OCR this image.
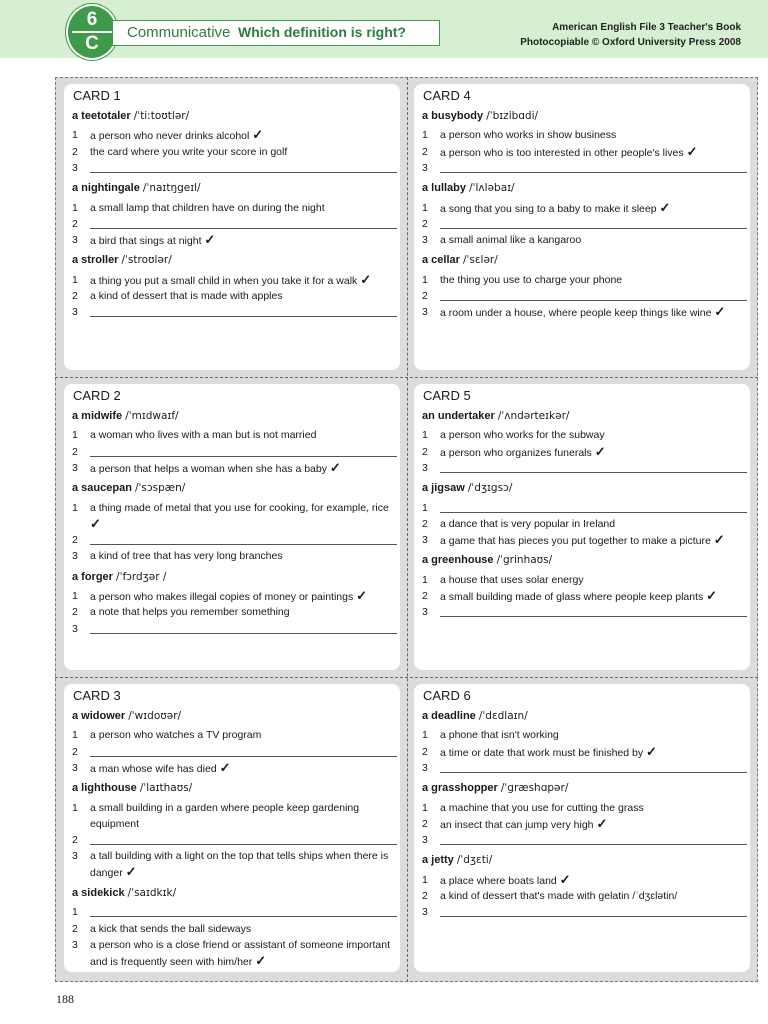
6
C
Communicative Which definition is right?	American English File 3 Teacher's Book
Photocopiable © Oxford University Press 2008
CARD 1
a teetotaler /ˈtiːtoʊtlər/
1	a person who never drinks alcohol ✓
2	the card where you write your score in golf
3
a nightingale /ˈnaɪtŋgeɪl/
1	a small lamp that children have on during the night
2
3	a bird that sings at night ✓
a stroller /ˈstroʊlər/
1	a thing you put a small child in when you take it for a walk ✓
2	a kind of dessert that is made with apples
3
CARD 4
a busybody /ˈbɪzibɑdi/
1	a person who works in show business
2	a person who is too interested in other people's lives ✓
3
a lullaby /ˈlʌləbaɪ/
1	a song that you sing to a baby to make it sleep ✓
2
3	a small animal like a kangaroo
a cellar /ˈsɛlər/
1	the thing you use to charge your phone
2
3	a room under a house, where people keep things like wine ✓
CARD 2
a midwife /ˈmɪdwaɪf/
1	a woman who lives with a man but is not married
2
3	a person that helps a woman when she has a baby ✓
a saucepan /ˈsɔspæn/
1	a thing made of metal that you use for cooking, for example, rice ✓
2
3	a kind of tree that has very long branches
a forger /ˈfɔrdʒər /
1	a person who makes illegal copies of money or paintings ✓
2	a note that helps you remember something
3
CARD 5
an undertaker /ˈʌndərteɪkər/
1	a person who works for the subway
2	a person who organizes funerals ✓
3
a jigsaw /ˈdʒɪgsɔ/
1
2	a dance that is very popular in Ireland
3	a game that has pieces you put together to make a picture ✓
a greenhouse /ˈgrinhaʊs/
1	a house that uses solar energy
2	a small building made of glass where people keep plants ✓
3
CARD 3
a widower /ˈwɪdoʊər/
1	a person who watches a TV program
2
3	a man whose wife has died ✓
a lighthouse /ˈlaɪthaʊs/
1	a small building in a garden where people keep gardening equipment
2
3	a tall building with a light on the top that tells ships when there is danger ✓
a sidekick /ˈsaɪdkɪk/
1
2	a kick that sends the ball sideways
3	a person who is a close friend or assistant of someone important and is frequently seen with him/her ✓
CARD 6
a deadline /ˈdɛdlaɪn/
1	a phone that isn't working
2	a time or date that work must be finished by ✓
3
a grasshopper /ˈgræshɑpər/
1	a machine that you use for cutting the grass
2	an insect that can jump very high ✓
3
a jetty /ˈdʒɛti/
1	a place where boats land ✓
2	a kind of dessert that's made with gelatin /ˈdʒɛlətin/
3
188
